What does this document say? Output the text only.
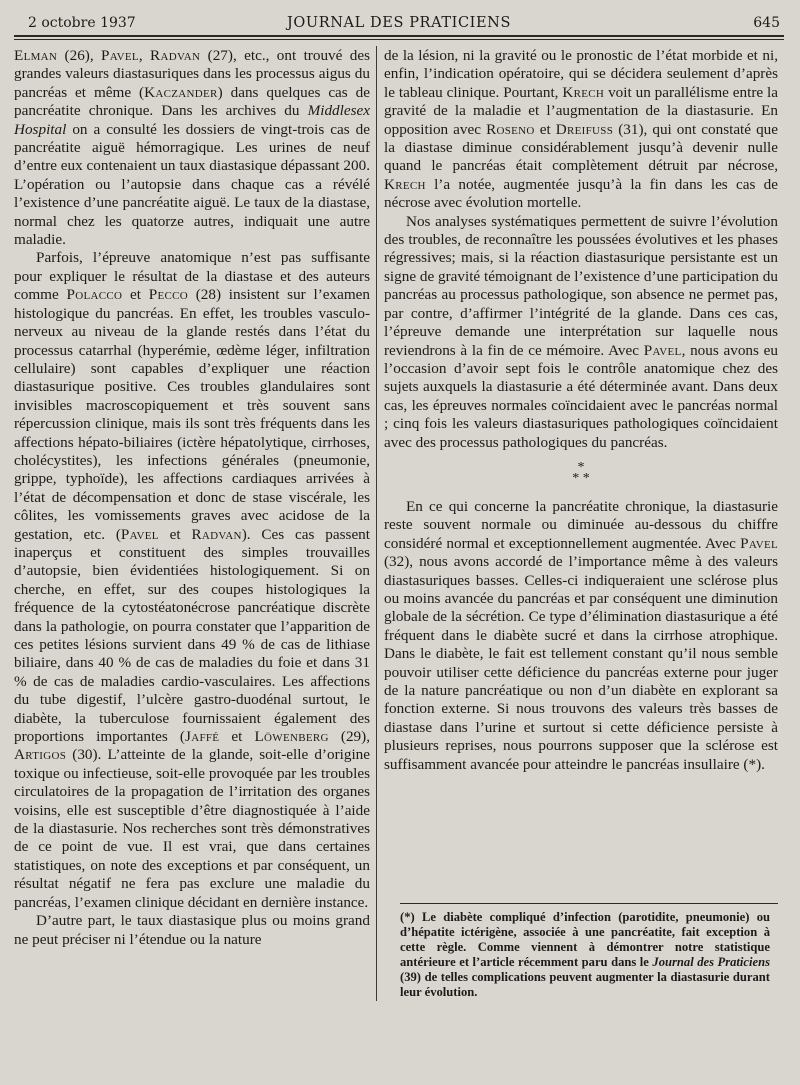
2 octobre 1937	JOURNAL DES PRATICIENS	645

Elman (26), Pavel, Radvan (27), etc., ont trouvé des grandes valeurs diastasuriques dans les processus aigus du pancréas et même (Kaczander) dans quelques cas de pancréatite chronique. Dans les archives du Middlesex Hospital on a consulté les dossiers de vingt-trois cas de pancréatite aiguë hémorragique. Les urines de neuf d’entre eux contenaient un taux diastasique dépassant 200. L’opération ou l’autopsie dans chaque cas a révélé l’existence d’une pancréatite aiguë. Le taux de la diastase, normal chez les quatorze autres, indiquait une autre maladie.

Parfois, l’épreuve anatomique n’est pas suffisante pour expliquer le résultat de la diastase et des auteurs comme Polacco et Pecco (28) insistent sur l’examen histologique du pancréas. En effet, les troubles vasculo-nerveux au niveau de la glande restés dans l’état du processus catarrhal (hyperémie, œdème léger, infiltration cellulaire) sont capables d’expliquer une réaction diastasurique positive. Ces troubles glandulaires sont invisibles macroscopiquement et très souvent sans répercussion clinique, mais ils sont très fréquents dans les affections hépato-biliaires (ictère hépatolytique, cirrhoses, cholécystites), les infections générales (pneumonie, grippe, typhoïde), les affections cardiaques arrivées à l’état de décompensation et donc de stase viscérale, les côlites, les vomissements graves avec acidose de la gestation, etc. (Pavel et Radvan). Ces cas passent inaperçus et constituent des simples trouvailles d’autopsie, bien évidentiées histologiquement. Si on cherche, en effet, sur des coupes histologiques la fréquence de la cytostéatonécrose pancréatique discrète dans la pathologie, on pourra constater que l’apparition de ces petites lésions survient dans 49 % de cas de lithiase biliaire, dans 40 % de cas de maladies du foie et dans 31 % de cas de maladies cardio-vasculaires. Les affections du tube digestif, l’ulcère gastro-duodénal surtout, le diabète, la tuberculose fournissaient également des proportions importantes (Jaffé et Löwenberg (29), Artigos (30). L’atteinte de la glande, soit-elle d’origine toxique ou infectieuse, soit-elle provoquée par les troubles circulatoires de la propagation de l’irritation des organes voisins, elle est susceptible d’être diagnostiquée à l’aide de la diastasurie. Nos recherches sont très démonstratives de ce point de vue. Il est vrai, que dans certaines statistiques, on note des exceptions et par conséquent, un résultat négatif ne fera pas exclure une maladie du pancréas, l’examen clinique décidant en dernière instance.

D’autre part, le taux diastasique plus ou moins grand ne peut préciser ni l’étendue ou la nature

de la lésion, ni la gravité ou le pronostic de l’état morbide et ni, enfin, l’indication opératoire, qui se décidera seulement d’après le tableau clinique. Pourtant, Krech voit un parallélisme entre la gravité de la maladie et l’augmentation de la diastasurie. En opposition avec Roseno et Dreifuss (31), qui ont constaté que la diastase diminue considérablement jusqu’à devenir nulle quand le pancréas était complètement détruit par nécrose, Krech l’a notée, augmentée jusqu’à la fin dans les cas de nécrose avec évolution mortelle.

Nos analyses systématiques permettent de suivre l’évolution des troubles, de reconnaître les poussées évolutives et les phases régressives; mais, si la réaction diastasurique persistante est un signe de gravité témoignant de l’existence d’une participation du pancréas au processus pathologique, son absence ne permet pas, par contre, d’affirmer l’intégrité de la glande. Dans ces cas, l’épreuve demande une interprétation sur laquelle nous reviendrons à la fin de ce mémoire. Avec Pavel, nous avons eu l’occasion d’avoir sept fois le contrôle anatomique chez des sujets auxquels la diastasurie a été déterminée avant. Dans deux cas, les épreuves normales coïncidaient avec le pancréas normal ; cinq fois les valeurs diastasuriques pathologiques coïncidaient avec des processus pathologiques du pancréas.

*
* *

En ce qui concerne la pancréatite chronique, la diastasurie reste souvent normale ou diminuée au-dessous du chiffre considéré normal et exceptionnellement augmentée. Avec Pavel (32), nous avons accordé de l’importance même à des valeurs diastasuriques basses. Celles-ci indiqueraient une sclérose plus ou moins avancée du pancréas et par conséquent une diminution globale de la sécrétion. Ce type d’élimination diastasurique a été fréquent dans le diabète sucré et dans la cirrhose atrophique. Dans le diabète, le fait est tellement constant qu’il nous semble pouvoir utiliser cette déficience du pancréas externe pour juger de la nature pancréatique ou non d’un diabète en explorant sa fonction externe. Si nous trouvons des valeurs très basses de diastase dans l’urine et surtout si cette déficience persiste à plusieurs reprises, nous pourrons supposer que la sclérose est suffisamment avancée pour atteindre le pancréas insullaire (*).

(*) Le diabète compliqué d’infection (parotidite, pneumonie) ou d’hépatite ictérigène, associée à une pancréatite, fait exception à cette règle. Comme viennent à démontrer notre statistique antérieure et l’article récemment paru dans le Journal des Praticiens (39) de telles complications peuvent augmenter la diastasurie durant leur évolution.
